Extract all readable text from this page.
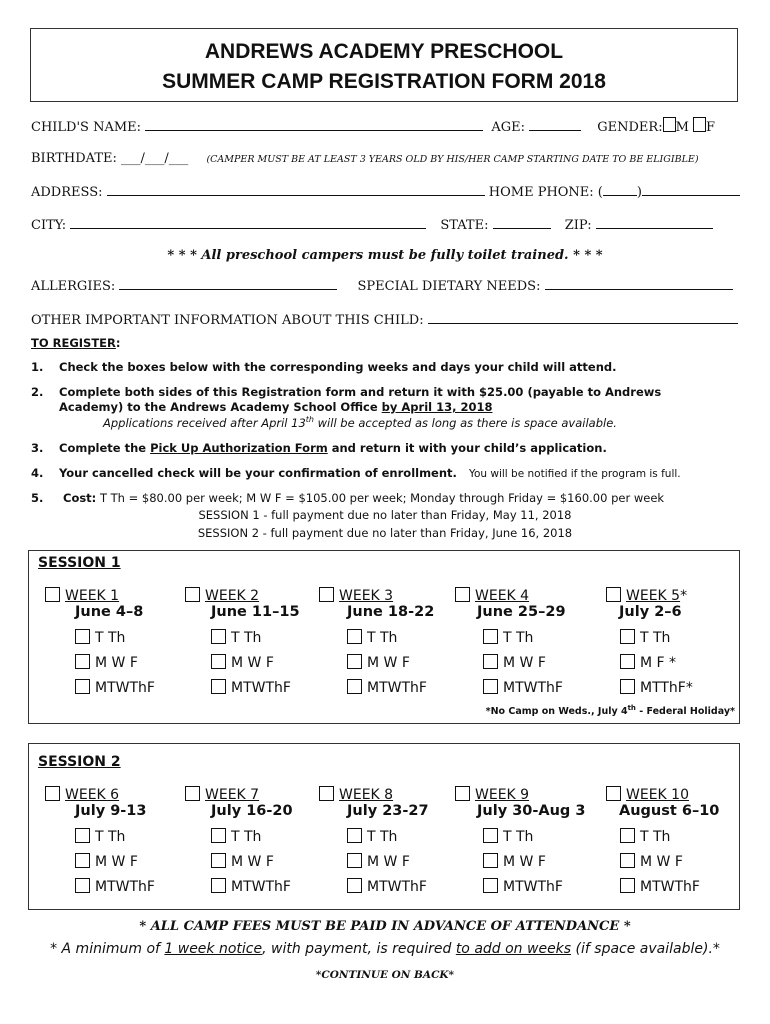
ANDREWS ACADEMY PRESCHOOL
SUMMER CAMP REGISTRATION FORM 2018
CHILD'S NAME:	AGE:	GENDER: M F
BIRTHDATE: ___/___/___ (CAMPER MUST BE AT LEAST 3 YEARS OLD BY HIS/HER CAMP STARTING DATE TO BE ELIGIBLE)
ADDRESS:	HOME PHONE: (	)
CITY:	STATE:	ZIP:
* * * All preschool campers must be fully toilet trained. * * *
ALLERGIES:	SPECIAL DIETARY NEEDS:
OTHER IMPORTANT INFORMATION ABOUT THIS CHILD:
TO REGISTER:
1. Check the boxes below with the corresponding weeks and days your child will attend.
2. Complete both sides of this Registration form and return it with $25.00 (payable to Andrews
Academy) to the Andrews Academy School Office by April 13, 2018
Applications received after April 13th will be accepted as long as there is space available.
3. Complete the Pick Up Authorization Form and return it with your child’s application.
4. Your cancelled check will be your confirmation of enrollment. You will be notified if the program is full.
5. Cost: T Th = $80.00 per week; M W F = $105.00 per week; Monday through Friday = $160.00 per week
SESSION 1 - full payment due no later than Friday, May 11, 2018
SESSION 2 - full payment due no later than Friday, June 16, 2018
SESSION 1
WEEK 1
June 4–8
T Th
M W F
MTWThF
WEEK 2
June 11–15
T Th
M W F
MTWThF
WEEK 3
June 18-22
T Th
M W F
MTWThF
WEEK 4
June 25–29
T Th
M W F
MTWThF
WEEK 5*
July 2–6
T Th
M F *
MTThF*
*No Camp on Weds., July 4th - Federal Holiday*
SESSION 2
WEEK 6
July 9-13
T Th
M W F
MTWThF
WEEK 7
July 16-20
T Th
M W F
MTWThF
WEEK 8
July 23-27
T Th
M W F
MTWThF
WEEK 9
July 30-Aug 3
T Th
M W F
MTWThF
WEEK 10
August 6–10
T Th
M W F
MTWThF
* ALL CAMP FEES MUST BE PAID IN ADVANCE OF ATTENDANCE *
* A minimum of 1 week notice, with payment, is required to add on weeks (if space available).*
*CONTINUE ON BACK*
